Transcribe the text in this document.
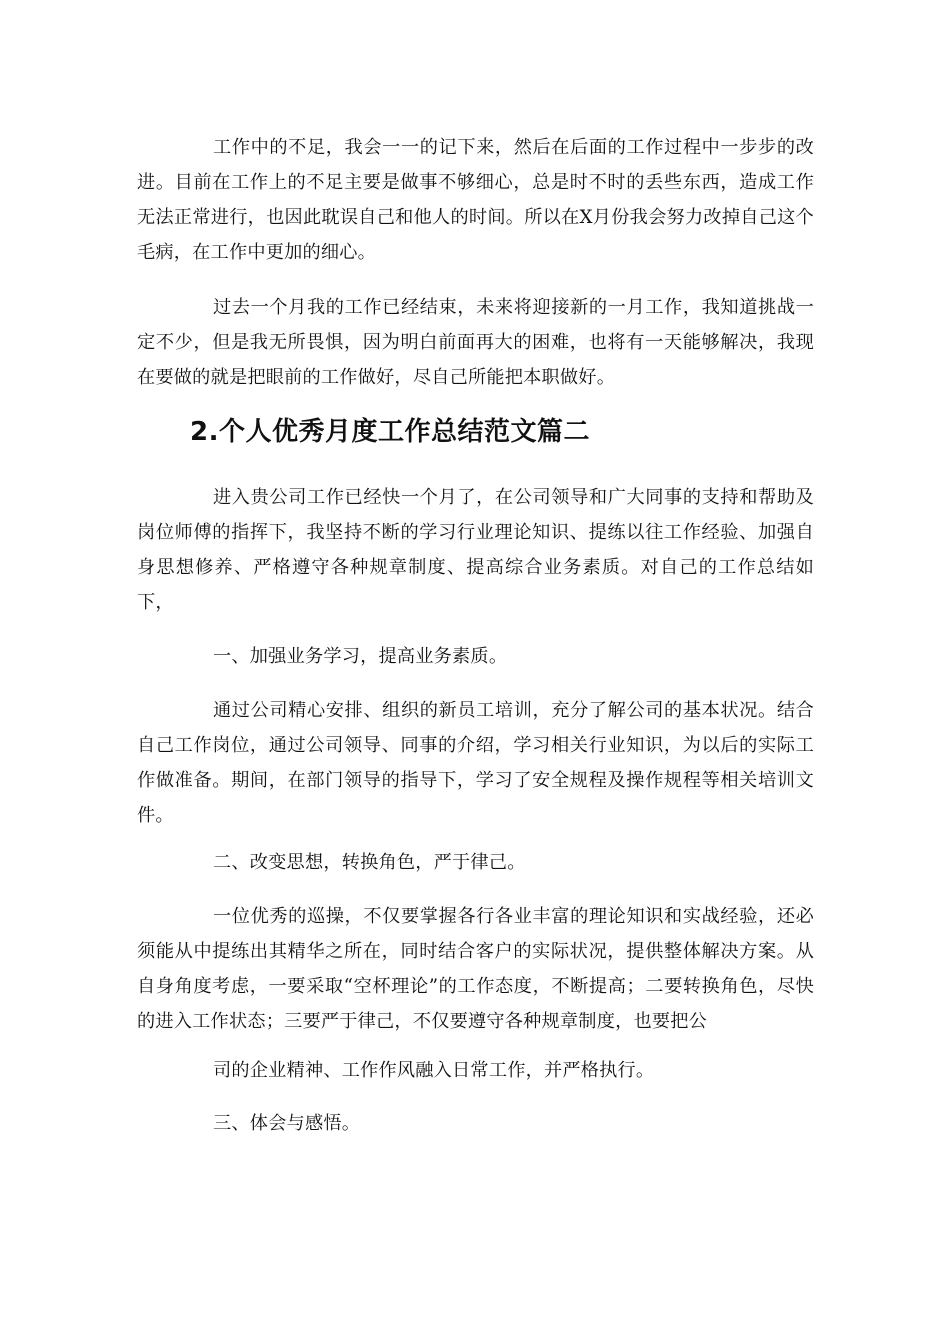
工作中的不足，我会一一的记下来，然后在后面的工作过程中一步步的改进。目前在工作上的不足主要是做事不够细心，总是时不时的丢些东西，造成工作无法正常进行，也因此耽误自己和他人的时间。所以在X月份我会努力改掉自己这个毛病，在工作中更加的细心。

过去一个月我的工作已经结束，未来将迎接新的一月工作，我知道挑战一定不少，但是我无所畏惧，因为明白前面再大的困难，也将有一天能够解决，我现在要做的就是把眼前的工作做好，尽自己所能把本职做好。

2.个人优秀月度工作总结范文篇二

进入贵公司工作已经快一个月了，在公司领导和广大同事的支持和帮助及岗位师傅的指挥下，我坚持不断的学习行业理论知识、提练以往工作经验、加强自身思想修养、严格遵守各种规章制度、提高综合业务素质。对自己的工作总结如下，

一、加强业务学习，提高业务素质。

通过公司精心安排、组织的新员工培训，充分了解公司的基本状况。结合自己工作岗位，通过公司领导、同事的介绍，学习相关行业知识，为以后的实际工作做准备。期间，在部门领导的指导下，学习了安全规程及操作规程等相关培训文件。

二、改变思想，转换角色，严于律己。

一位优秀的巡操，不仅要掌握各行各业丰富的理论知识和实战经验，还必须能从中提练出其精华之所在，同时结合客户的实际状况，提供整体解决方案。从自身角度考虑，一要采取“空杯理论”的工作态度，不断提高；二要转换角色，尽快的进入工作状态；三要严于律己，不仅要遵守各种规章制度，也要把公

司的企业精神、工作作风融入日常工作，并严格执行。

三、体会与感悟。
